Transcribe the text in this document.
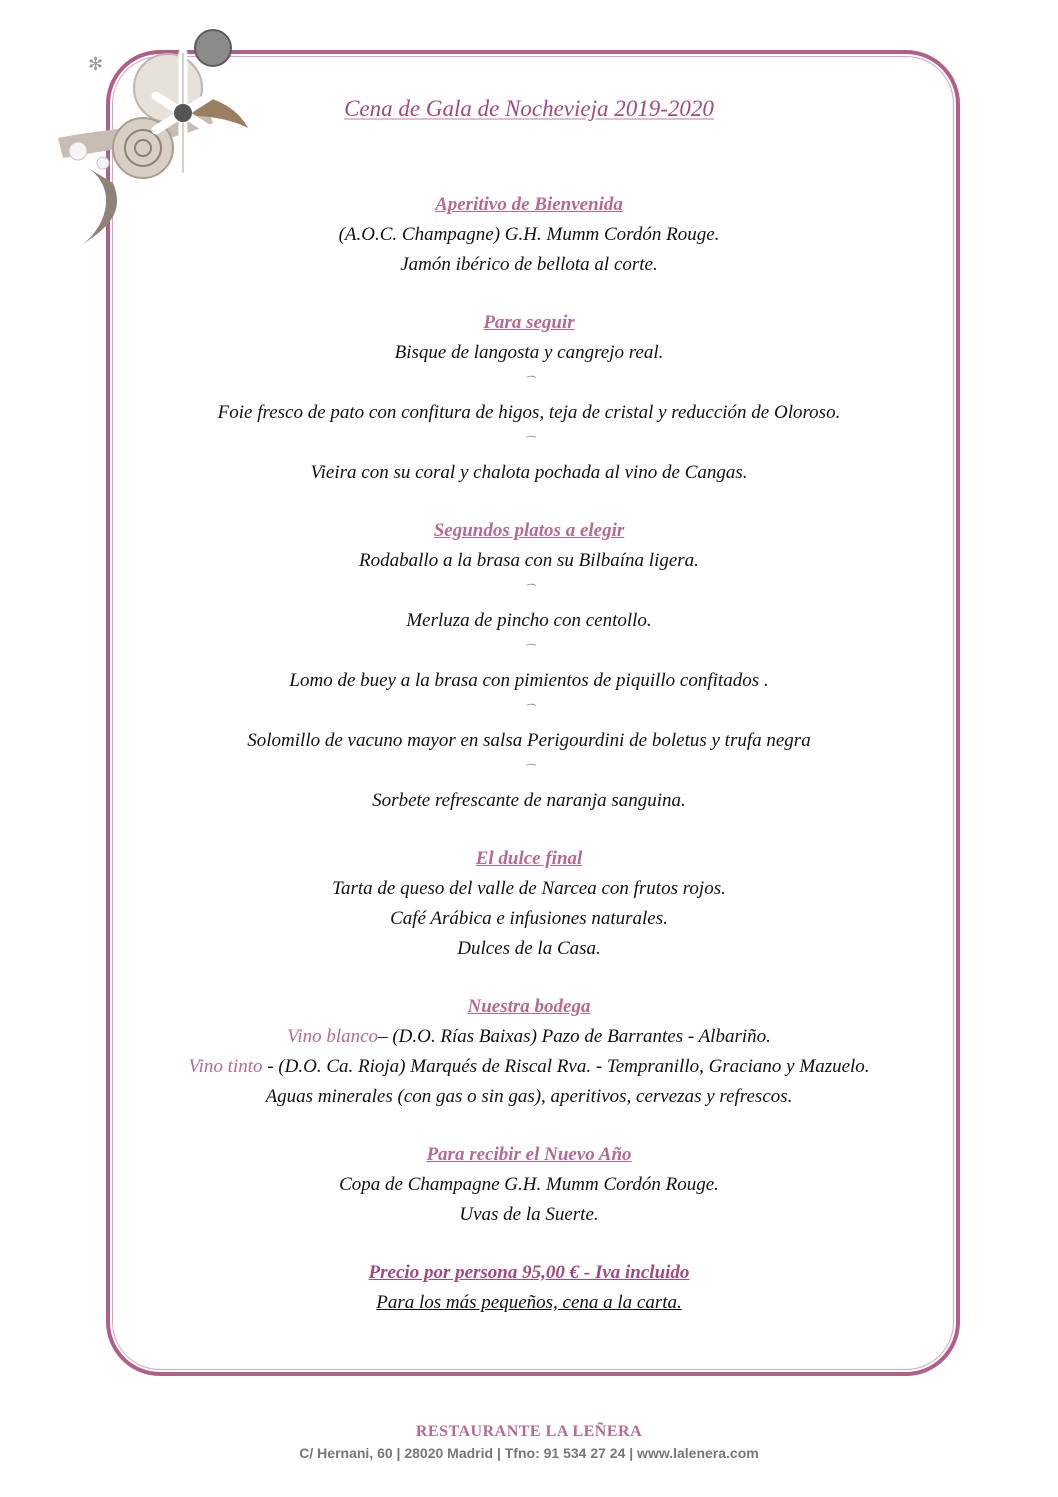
✻
Cena de Gala de Nochevieja 2019-2020
Aperitivo de Bienvenida
(A.O.C. Champagne) G.H. Mumm Cordón Rouge.
Jamón ibérico de bellota al corte.
Para seguir
Bisque de langosta y cangrejo real.
⁀
Foie fresco de pato con confitura de higos, teja de cristal y reducción de Oloroso.
⁀
Vieira con su coral y chalota pochada al vino de Cangas.
Segundos platos a elegir
Rodaballo a la brasa con su Bilbaína ligera.
⁀
Merluza de pincho con centollo.
⁀
Lomo de buey a la brasa con pimientos de piquillo confitados .
⁀
Solomillo de vacuno mayor en salsa Perigourdini de boletus y trufa negra
⁀
Sorbete refrescante de naranja sanguina.
El dulce final
Tarta de queso del valle de Narcea con frutos rojos.
Café Arábica e infusiones naturales.
Dulces de la Casa.
Nuestra bodega
Vino blanco– (D.O. Rías Baixas) Pazo de Barrantes - Albariño.
Vino tinto - (D.O. Ca. Rioja) Marqués de Riscal Rva. - Tempranillo, Graciano y Mazuelo.
Aguas minerales (con gas o sin gas), aperitivos, cervezas y refrescos.
Para recibir el Nuevo Año
Copa de Champagne G.H. Mumm Cordón Rouge.
Uvas de la Suerte.
Precio por persona 95,00 € - Iva incluido
Para los más pequeños, cena a la carta.
RESTAURANTE LA LEÑERA
C/ Hernani, 60 | 28020 Madrid | Tfno: 91 534 27 24 | www.lalenera.com
